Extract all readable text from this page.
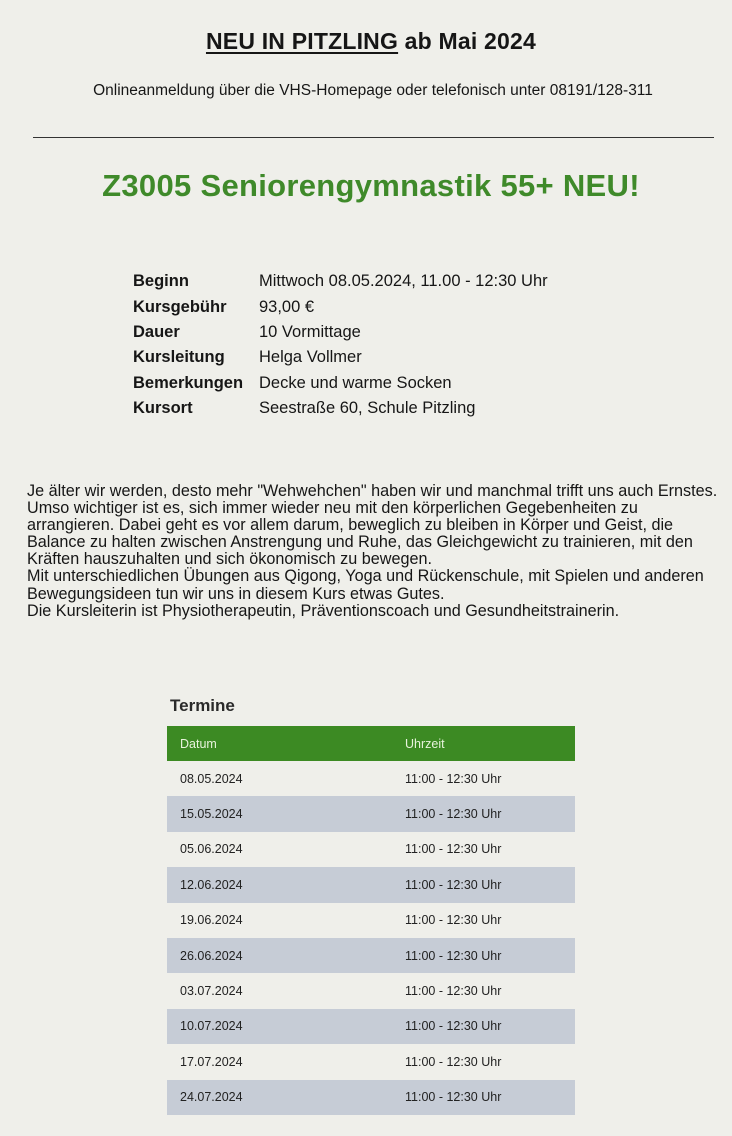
NEU IN PITZLING ab Mai 2024
Onlineanmeldung über die VHS-Homepage oder telefonisch unter 08191/128-311
Z3005 Seniorengymnastik 55+ NEU!
Beginn	Mittwoch 08.05.2024, 11.00 - 12:30 Uhr
Kursgebühr	93,00 €
Dauer	10 Vormittage
Kursleitung	Helga Vollmer
Bemerkungen	Decke und warme Socken
Kursort	Seestraße 60, Schule Pitzling

Je älter wir werden, desto mehr "Wehwehchen" haben wir und manchmal trifft uns auch Ernstes. Umso wichtiger ist es, sich immer wieder neu mit den körperlichen Gegebenheiten zu arrangieren. Dabei geht es vor allem darum, beweglich zu bleiben in Körper und Geist, die Balance zu halten zwischen Anstrengung und Ruhe, das Gleichgewicht zu trainieren, mit den Kräften hauszuhalten und sich ökonomisch zu bewegen.

Mit unterschiedlichen Übungen aus Qigong, Yoga und Rückenschule, mit Spielen und anderen Bewegungsideen tun wir uns in diesem Kurs etwas Gutes.

Die Kursleiterin ist Physiotherapeutin, Präventionscoach und Gesundheitstrainerin.

Termine
Datum	Uhrzeit
08.05.2024	11:00 - 12:30 Uhr
15.05.2024	11:00 - 12:30 Uhr
05.06.2024	11:00 - 12:30 Uhr
12.06.2024	11:00 - 12:30 Uhr
19.06.2024	11:00 - 12:30 Uhr
26.06.2024	11:00 - 12:30 Uhr
03.07.2024	11:00 - 12:30 Uhr
10.07.2024	11:00 - 12:30 Uhr
17.07.2024	11:00 - 12:30 Uhr
24.07.2024	11:00 - 12:30 Uhr
